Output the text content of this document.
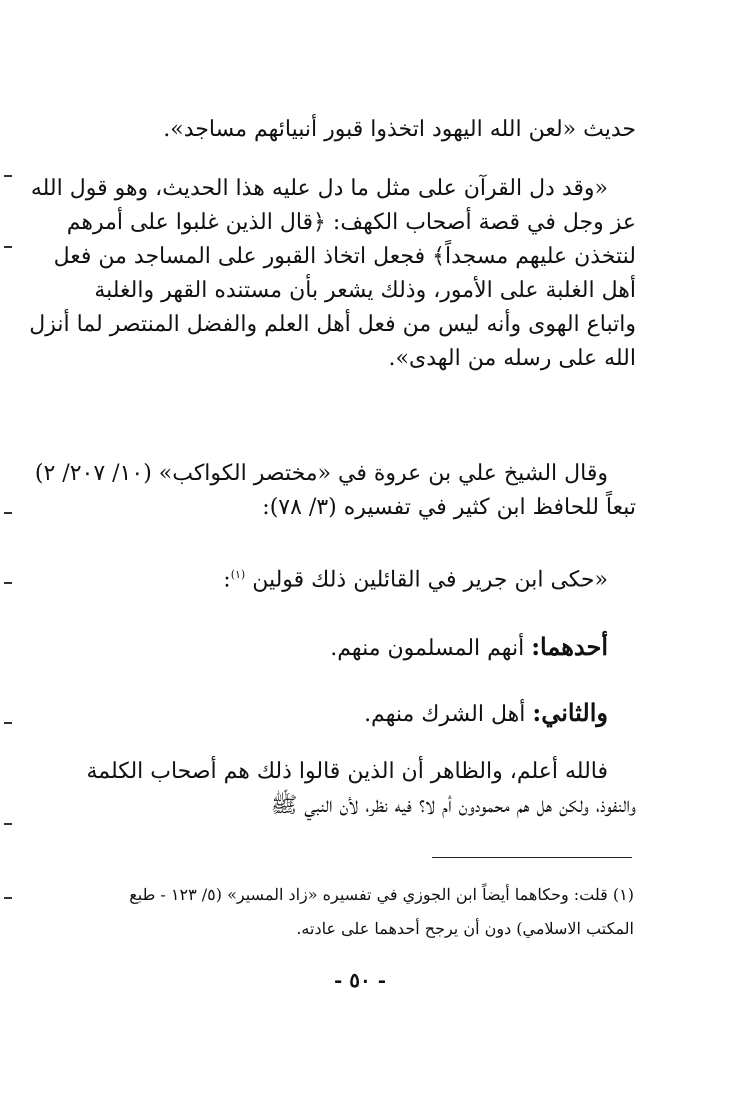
حديث «لعن الله اليهود اتخذوا قبور أنبيائهم مساجد».
«وقد دل القرآن على مثل ما دل عليه هذا الحديث، وهو قول الله
عز وجل في قصة أصحاب الكهف: ﴿قال الذين غلبوا على أمرهم
لنتخذن عليهم مسجداً﴾ فجعل اتخاذ القبور على المساجد من فعل
أهل الغلبة على الأمور، وذلك يشعر بأن مستنده القهر والغلبة
واتباع الهوى وأنه ليس من فعل أهل العلم والفضل المنتصر لما أنزل
الله على رسله من الهدى».
وقال الشيخ علي بن عروة في «مختصر الكواكب» (١٠/ ٢٠٧/ ٢)
تبعاً للحافظ ابن كثير في تفسيره (٣/ ٧٨):
«حكى ابن جرير في القائلين ذلك قولين $^{(١)}$:
أحدهما: أنهم المسلمون منهم.
والثاني: أهل الشرك منهم.
فالله أعلم، والظاهر أن الذين قالوا ذلك هم أصحاب الكلمة
والنفوذ، ولكن هل هم محمودون أم لا؟ فيه نظر، لأن النبي ﷺ
(١) قلت: وحكاهما أيضاً ابن الجوزي في تفسيره «زاد المسير» (٥/ ١٢٣ - طبع
المكتب الاسلامي) دون أن يرجح أحدهما على عادته.
- ٥٠ -
